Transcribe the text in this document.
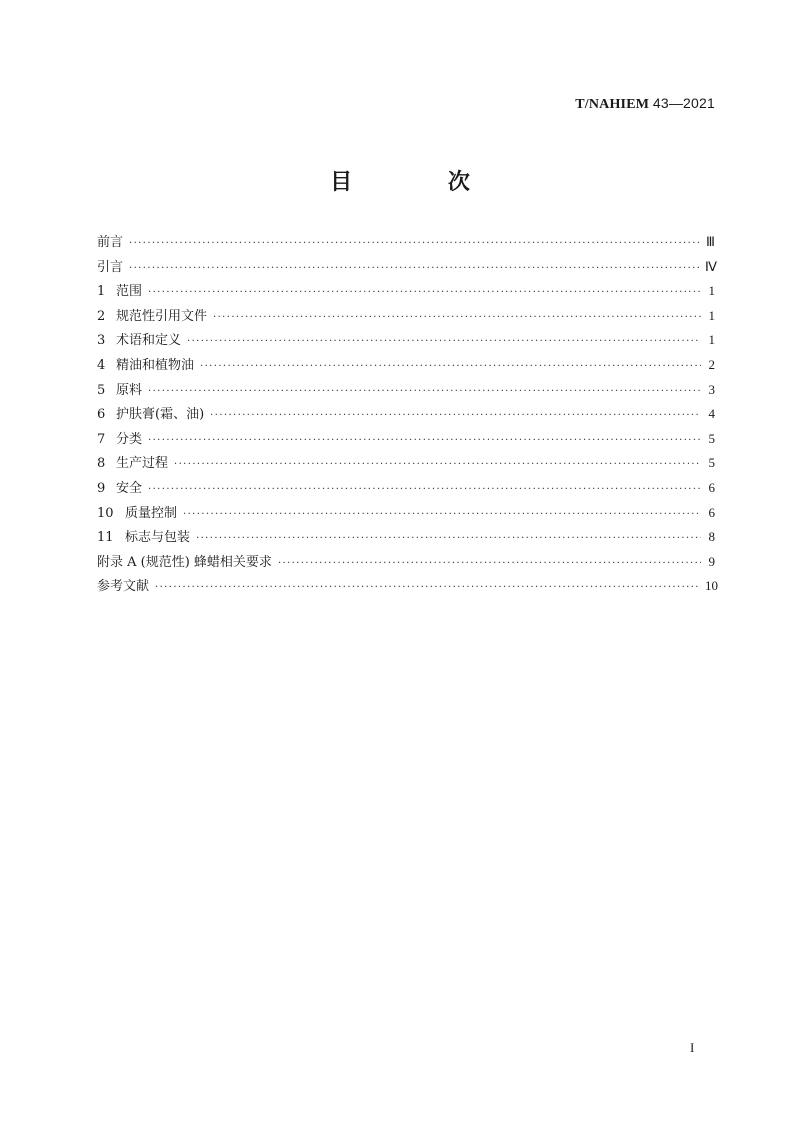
T/NAHIEM 43—2021
目 次
前言 ·····	Ⅲ
引言 ·····	Ⅳ
1 范围 ·····	1
2 规范性引用文件 ·····	1
3 术语和定义 ·····	1
4 精油和植物油 ·····	2
5 原料 ·····	3
6 护肤膏(霜、油) ·····	4
7 分类 ·····	5
8 生产过程 ·····	5
9 安全 ·····	6
10 质量控制 ·····	6
11 标志与包装 ·····	8
附录 A (规范性) 蜂蜡相关要求 ·····	9
参考文献 ·····	10
I
